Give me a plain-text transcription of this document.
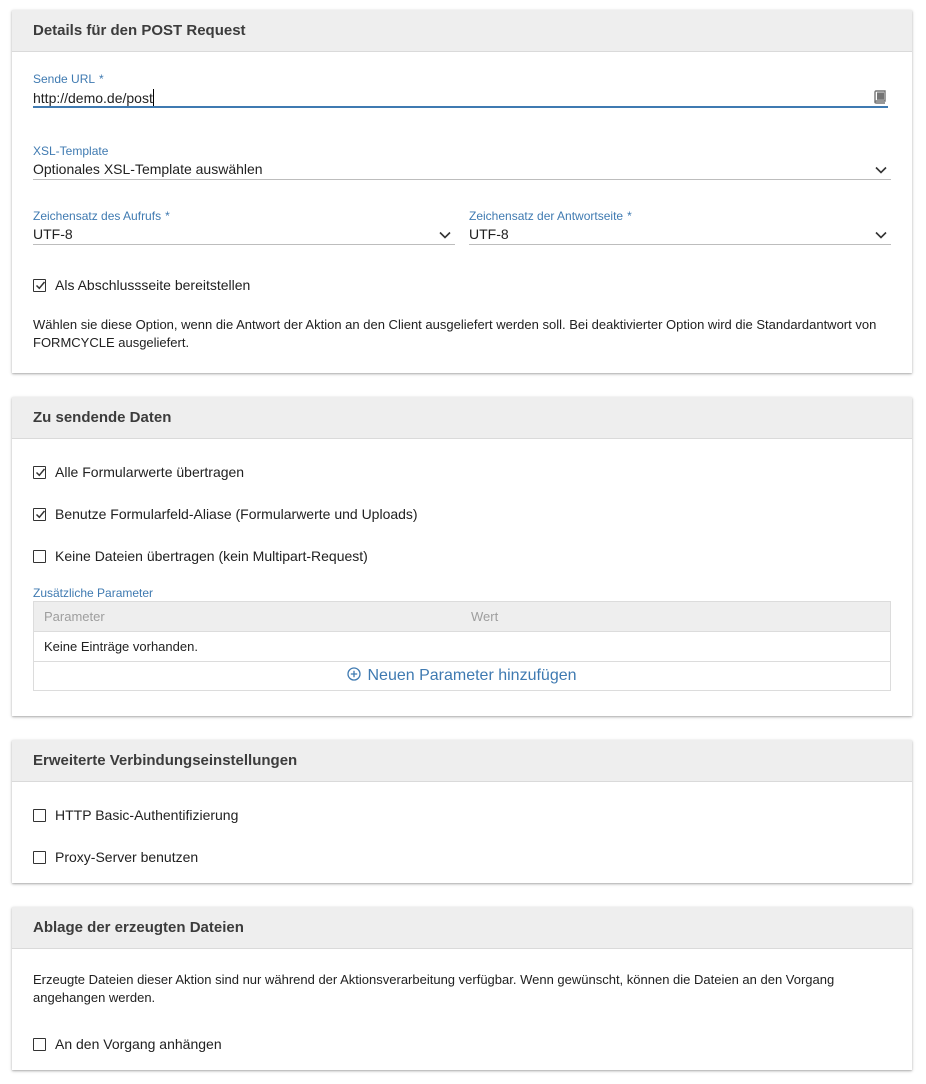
Details für den POST Request
Sende URL *
http://demo.de/post
XSL-Template
Optionales XSL-Template auswählen
Zeichensatz des Aufrufs *
UTF-8
Zeichensatz der Antwortseite *
UTF-8
Als Abschlussseite bereitstellen
Wählen sie diese Option, wenn die Antwort der Aktion an den Client ausgeliefert werden soll. Bei deaktivierter Option wird die Standardantwort von FORMCYCLE ausgeliefert.
Zu sendende Daten
Alle Formularwerte übertragen
Benutze Formularfeld-Aliase (Formularwerte und Uploads)
Keine Dateien übertragen (kein Multipart-Request)
Zusätzliche Parameter
Parameter	Wert
Keine Einträge vorhanden.
Neuen Parameter hinzufügen
Erweiterte Verbindungseinstellungen
HTTP Basic-Authentifizierung
Proxy-Server benutzen
Ablage der erzeugten Dateien
Erzeugte Dateien dieser Aktion sind nur während der Aktionsverarbeitung verfügbar. Wenn gewünscht, können die Dateien an den Vorgang angehangen werden.
An den Vorgang anhängen
